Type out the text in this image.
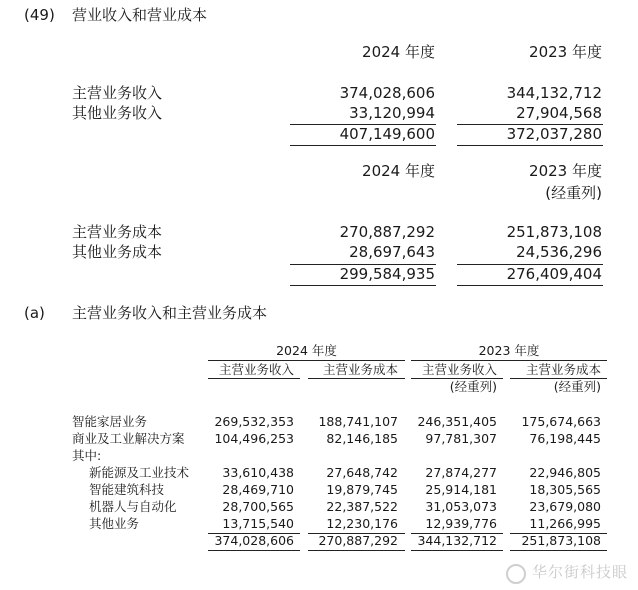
(49) 营业收入和营业成本
2024 年度	2023 年度
主营业务收入	374,028,606	344,132,712
其他业务收入	33,120,994	27,904,568
407,149,600	372,037,280
2024 年度	2023 年度
(经重列)
主营业务成本	270,887,292	251,873,108
其他业务成本	28,697,643	24,536,296
299,584,935	276,409,404
(a) 主营业务收入和主营业务成本
2024 年度	2023 年度
主营业务收入	主营业务成本	主营业务收入	主营业务成本
(经重列)	(经重列)
智能家居业务	269,532,353	188,741,107	246,351,405	175,674,663
商业及工业解决方案	104,496,253	82,146,185	97,781,307	76,198,445
其中:
新能源及工业技术	33,610,438	27,648,742	27,874,277	22,946,805
智能建筑科技	28,469,710	19,879,745	25,914,181	18,305,565
机器人与自动化	28,700,565	22,387,522	31,053,073	23,679,080
其他业务	13,715,540	12,230,176	12,939,776	11,266,995
374,028,606	270,887,292	344,132,712	251,873,108
华尔街科技眼
